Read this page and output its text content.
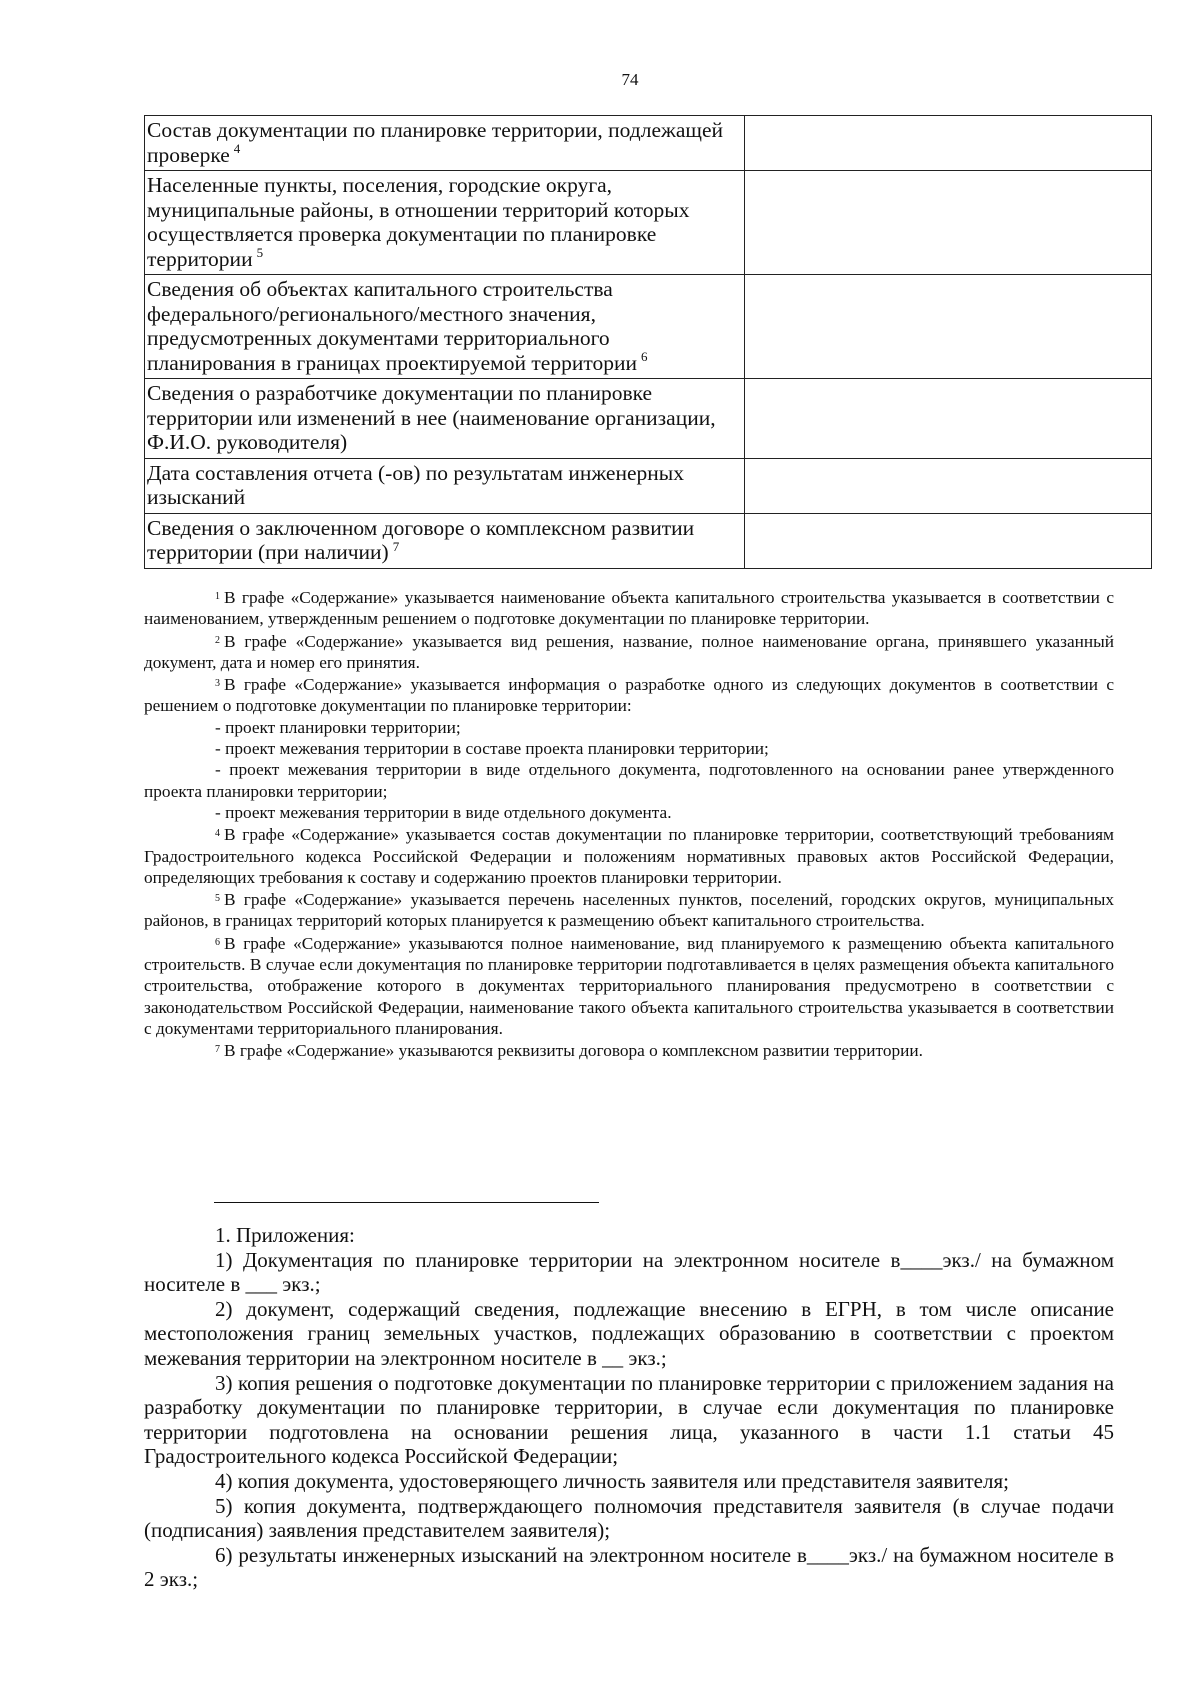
74
Состав документации по планировке территории, подлежащей проверке $^4$	
Населенные пункты, поселения, городские округа, муниципальные районы, в отношении территорий которых осуществляется проверка документации по планировке территории $^5$	
Сведения об объектах капитального строительства федерального/регионального/местного значения, предусмотренных документами территориального планирования в границах проектируемой территории $^6$	
Сведения о разработчике документации по планировке территории или изменений в нее (наименование организации, Ф.И.О. руководителя)	
Дата составления отчета (-ов) по результатам инженерных изысканий	
Сведения о заключенном договоре о комплексном развитии территории (при наличии) $^7$	

$^1$ В графе «Содержание» указывается наименование объекта капитального строительства указывается в соответствии с наименованием, утвержденным решением о подготовке документации по планировке территории.

$^2$ В графе «Содержание» указывается вид решения, название, полное наименование органа, принявшего указанный документ, дата и номер его принятия.

$^3$ В графе «Содержание» указывается информация о разработке одного из следующих документов в соответствии с решением о подготовке документации по планировке территории:

- проект планировки территории;

- проект межевания территории в составе проекта планировки территории;

- проект межевания территории в виде отдельного документа, подготовленного на основании ранее утвержденного проекта планировки территории;

- проект межевания территории в виде отдельного документа.

$^4$ В графе «Содержание» указывается состав документации по планировке территории, соответствующий требованиям Градостроительного кодекса Российской Федерации и положениям нормативных правовых актов Российской Федерации, определяющих требования к составу и содержанию проектов планировки территории.

$^5$ В графе «Содержание» указывается перечень населенных пунктов, поселений, городских округов, муниципальных районов, в границах территорий которых планируется к размещению объект капитального строительства.

$^6$ В графе «Содержание» указываются полное наименование, вид планируемого к размещению объекта капитального строительств. В случае если документация по планировке территории подготавливается в целях размещения объекта капитального строительства, отображение которого в документах территориального планирования предусмотрено в соответствии с законодательством Российской Федерации, наименование такого объекта капитального строительства указывается в соответствии с документами территориального планирования.

$^7$ В графе «Содержание» указываются реквизиты договора о комплексном развитии территории.

1. Приложения:

1) Документация по планировке территории на электронном носителе в____экз./ на бумажном носителе в ___ экз.;

2) документ, содержащий сведения, подлежащие внесению в ЕГРН, в том числе описание местоположения границ земельных участков, подлежащих образованию в соответствии с проектом межевания территории на электронном носителе в __ экз.;

3) копия решения о подготовке документации по планировке территории с приложением задания на разработку документации по планировке территории, в случае если документация по планировке территории подготовлена на основании решения лица, указанного в части 1.1 статьи 45 Градостроительного кодекса Российской Федерации;

4) копия документа, удостоверяющего личность заявителя или представителя заявителя;

5) копия документа, подтверждающего полномочия представителя заявителя (в случае подачи (подписания) заявления представителем заявителя);

6) результаты инженерных изысканий на электронном носителе в____экз./ на бумажном носителе в 2 экз.;
